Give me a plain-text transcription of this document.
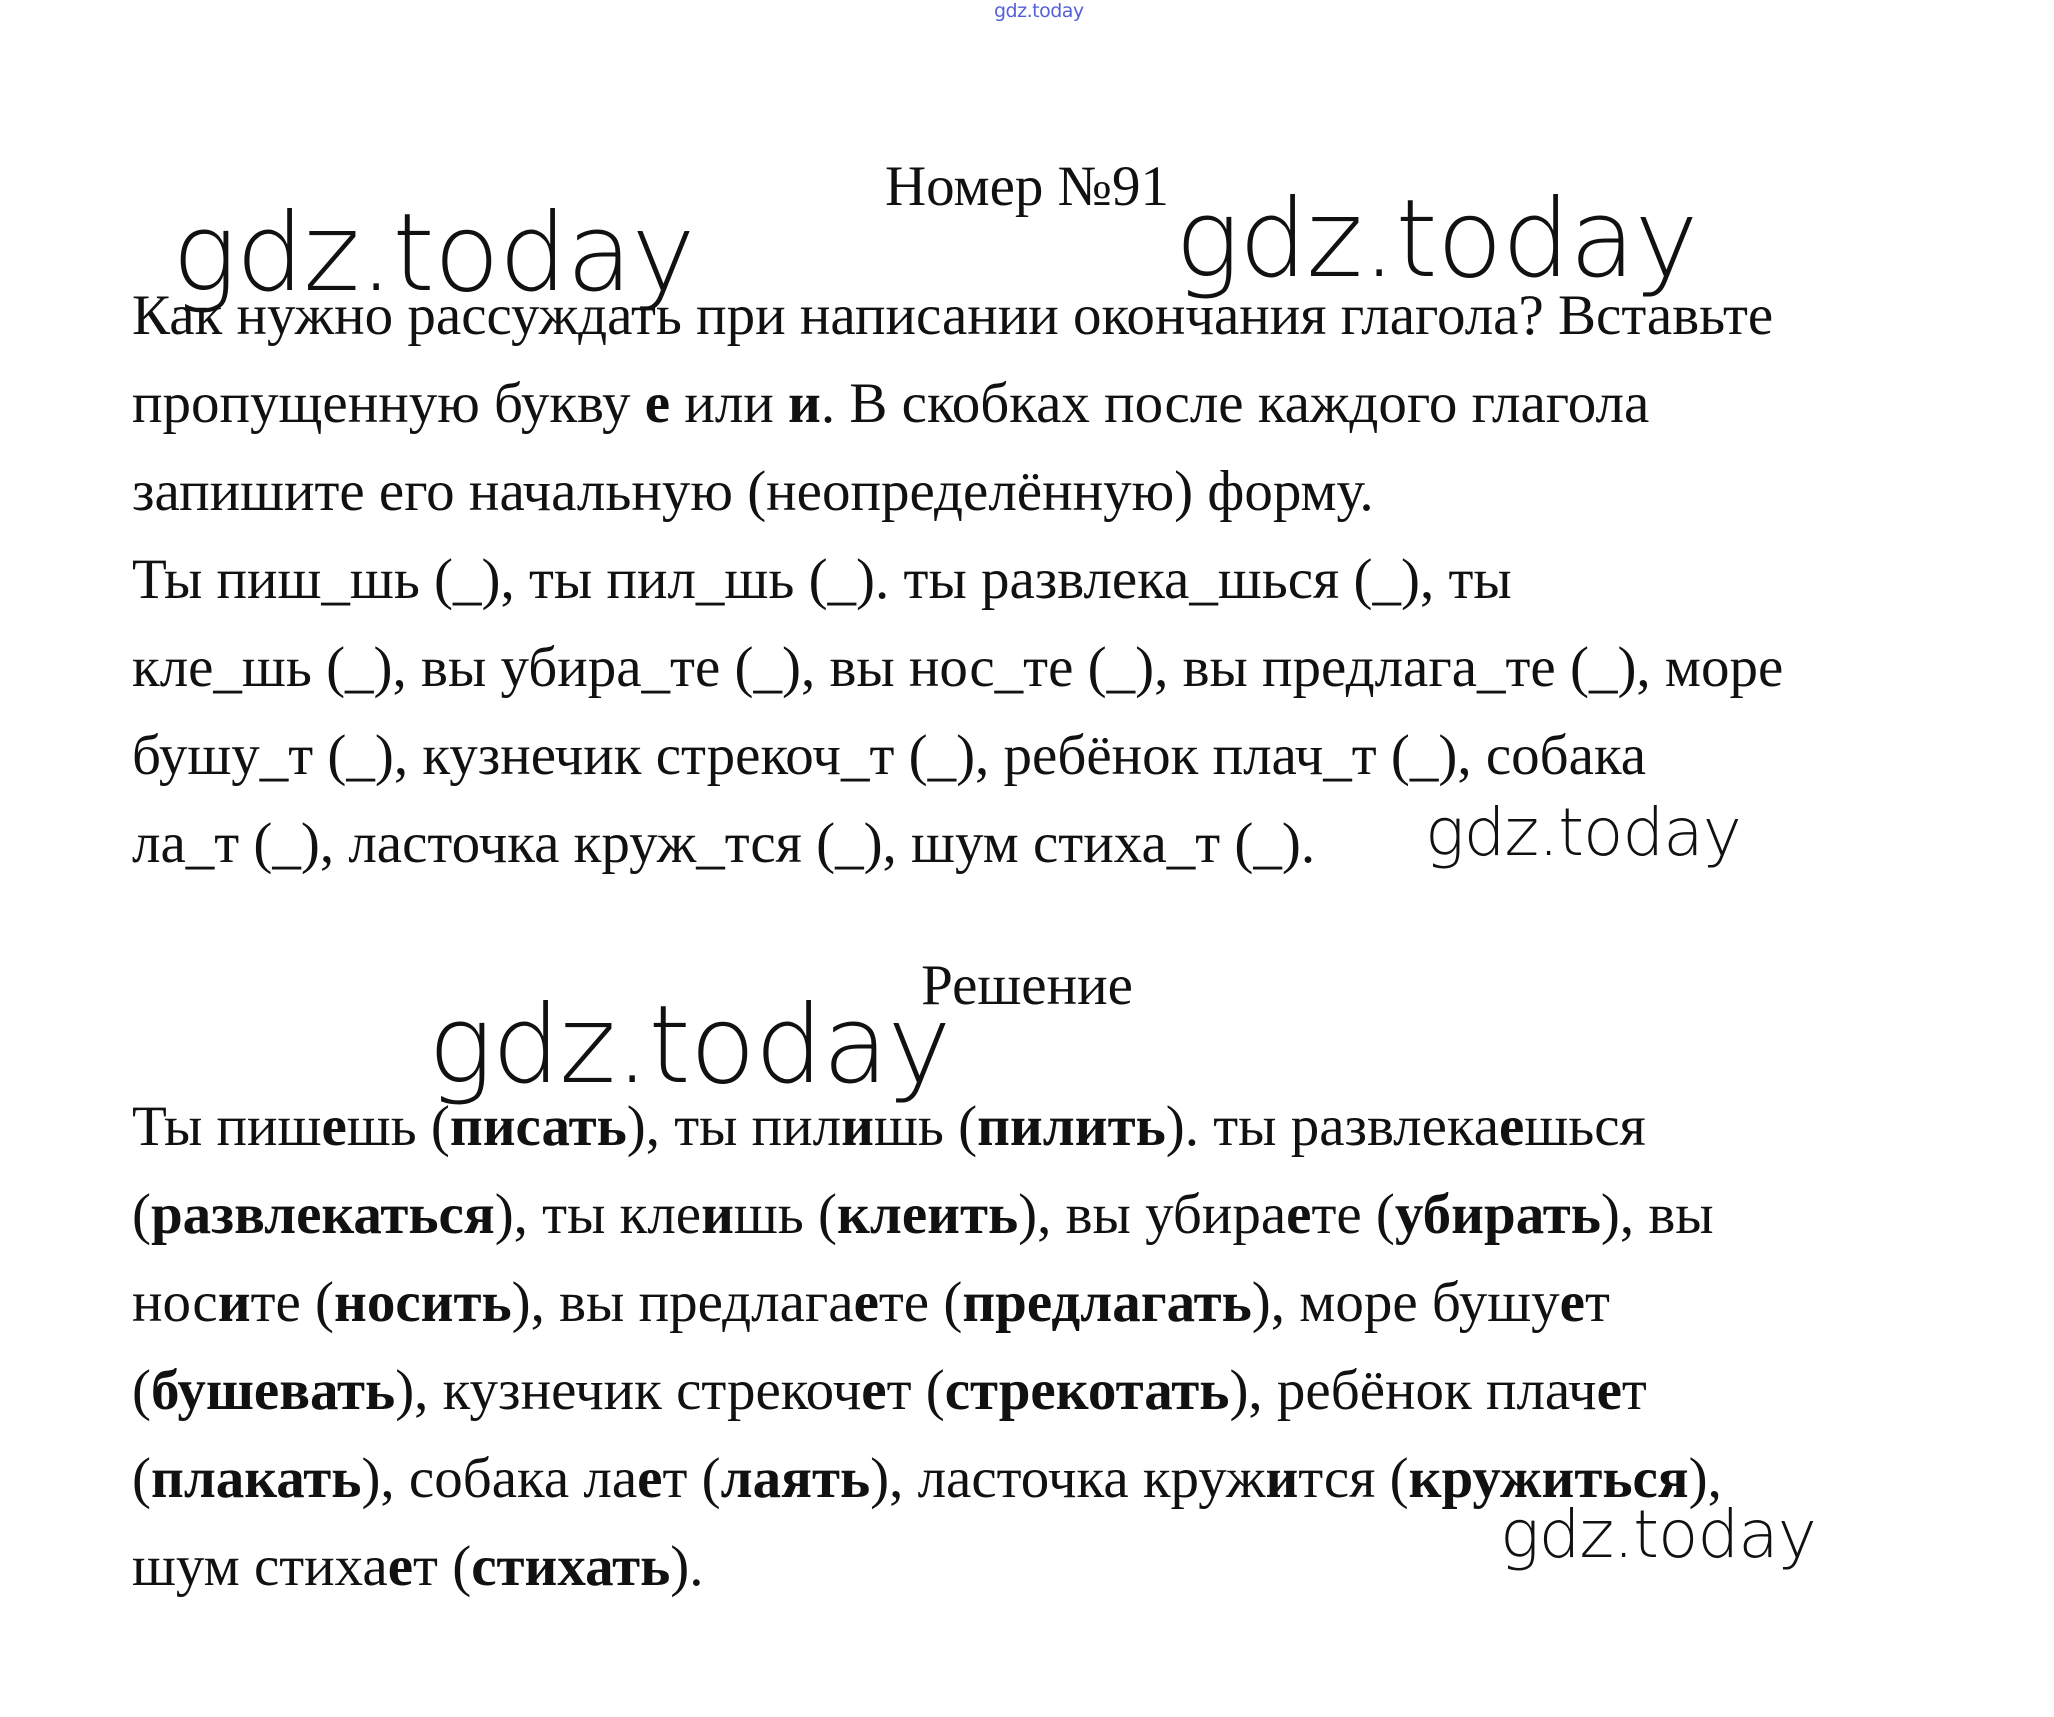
gdz.today
Номер №91
Как нужно рассуждать при написании окончания глагола? Вставьте
пропущенную букву е или и. В скобках после каждого глагола
запишите его начальную (неопределённую) форму.
Ты пиш_шь (_), ты пил_шь (_). ты развлека_шься (_), ты
кле_шь (_), вы убира_те (_), вы нос_те (_), вы предлага_те (_), море
бушу_т (_), кузнечик стрекоч_т (_), ребёнок плач_т (_), собака
ла_т (_), ласточка круж_тся (_), шум стиха_т (_).
Решение
Ты пишешь (писать), ты пилишь (пилить). ты развлекаешься
(развлекаться), ты клеишь (клеить), вы убираете (убирать), вы
носите (носить), вы предлагаете (предлагать), море бушует
(бушевать), кузнечик стрекочет (стрекотать), ребёнок плачет
(плакать), собака лает (лаять), ласточка кружится (кружиться),
шум стихает (стихать).
gdz.today	gdz.today
gdz.today
gdz.today
gdz.today
